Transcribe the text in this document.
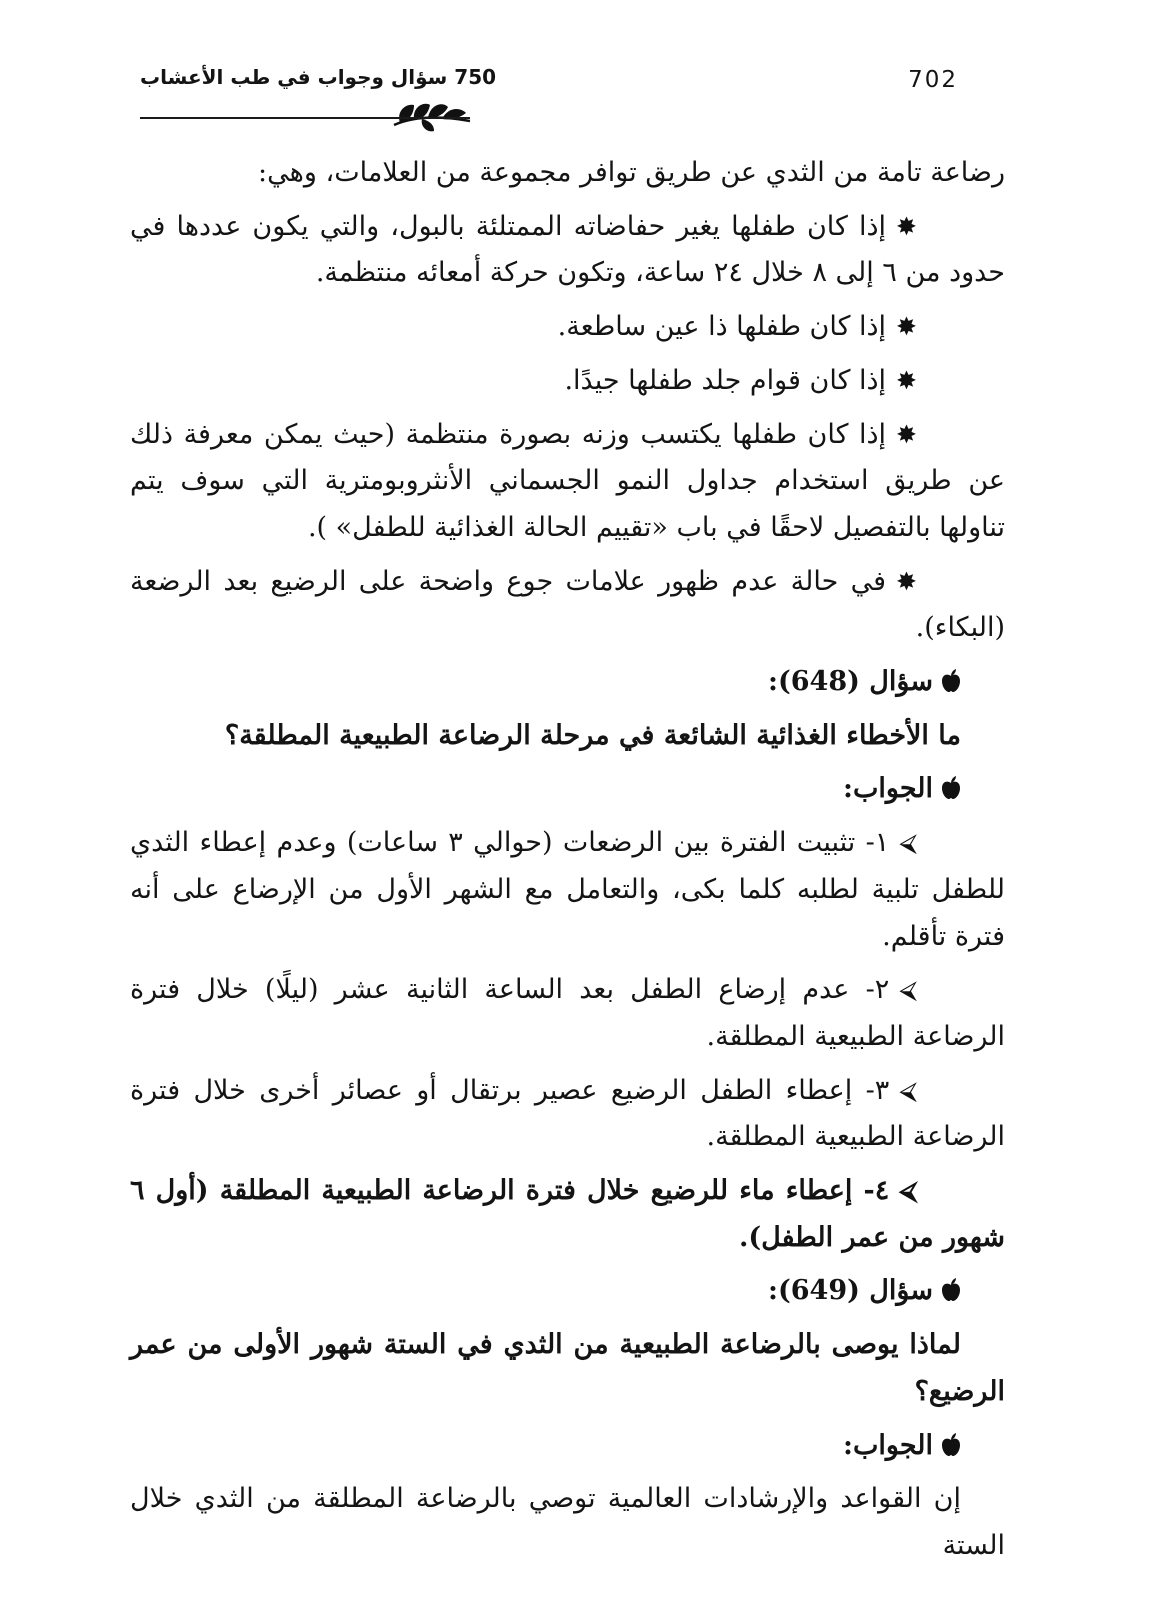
702
750 سؤال وجواب في طب الأعشاب

رضاعة تامة من الثدي عن طريق توافر مجموعة من العلامات، وهي:

✸إذا كان طفلها يغير حفاضاته الممتلئة بالبول، والتي يكون عددها في حدود من ٦ إلى ٨ خلال ٢٤ ساعة، وتكون حركة أمعائه منتظمة.

✸إذا كان طفلها ذا عين ساطعة.

✸إذا كان قوام جلد طفلها جيدًا.

✸إذا كان طفلها يكتسب وزنه بصورة منتظمة (حيث يمكن معرفة ذلك عن طريق استخدام جداول النمو الجسماني الأنثروبومترية التي سوف يتم تناولها بالتفصيل لاحقًا في باب «تقييم الحالة الغذائية للطفل» ).

✸في حالة عدم ظهور علامات جوع واضحة على الرضيع بعد الرضعة (البكاء).

سؤال (648):

ما الأخطاء الغذائية الشائعة في مرحلة الرضاعة الطبيعية المطلقة؟

الجواب:

⮘١- تثبيت الفترة بين الرضعات (حوالي ٣ ساعات) وعدم إعطاء الثدي للطفل تلبية لطلبه كلما بكى، والتعامل مع الشهر الأول من الإرضاع على أنه فترة تأقلم.

⮘٢- عدم إرضاع الطفل بعد الساعة الثانية عشر (ليلًا) خلال فترة الرضاعة الطبيعية المطلقة.

⮘٣- إعطاء الطفل الرضيع عصير برتقال أو عصائر أخرى خلال فترة الرضاعة الطبيعية المطلقة.

⮘٤- إعطاء ماء للرضيع خلال فترة الرضاعة الطبيعية المطلقة (أول ٦ شهور من عمر الطفل).

سؤال (649):

لماذا يوصى بالرضاعة الطبيعية من الثدي في الستة شهور الأولى من عمر الرضيع؟

الجواب:

إن القواعد والإرشادات العالمية توصي بالرضاعة المطلقة من الثدي خلال الستة
